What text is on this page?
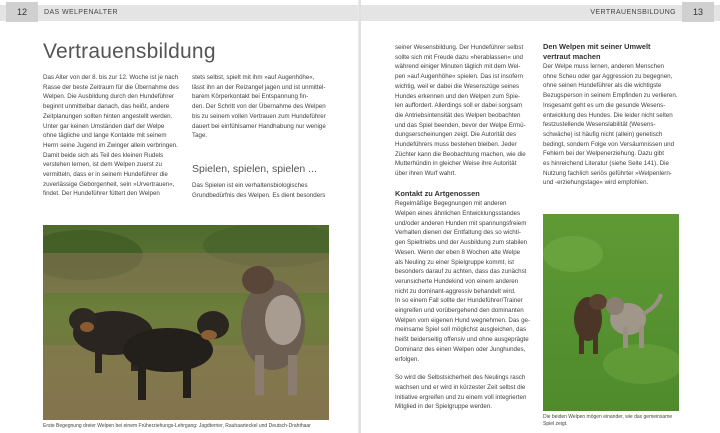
12	DAS WELPENALTER
Vertrauensbildung

Das Alter von der 8. bis zur 12. Woche ist je nach
Rasse der beste Zeitraum für die Übernahme des
Welpen. Die Ausbildung durch den Hundeführer
beginnt unmittelbar danach, das heißt, andere
Zeitplanungen sollten hinten angestellt werden.
Unter gar keinen Umständen darf der Welpe
ohne tägliche und lange Kontakte mit seinem
Herrn seine Jugend im Zwinger allein verbringen.
Damit beide sich als Teil des kleinen Rudels
verstehen lernen, ist dem Welpen zuerst zu
vermitteln, dass er in seinem Hundeführer die
zuverlässige Geborgenheit, sein »Urvertrauen«,
findet. Der Hundeführer füttert den Welpen

stets selbst, spielt mit ihm »auf Augenhöhe«,
lässt ihn an der Reizangel jagen und ist unmittel-
barem Körperkontakt bei Entspannung fin-
den. Der Schritt von der Übernahme des Welpen
bis zu seinem vollen Vertrauen zum Hundeführer
dauert bei einfühlsamer Handhabung nur wenige
Tage.

Spielen, spielen, spielen ...

Das Spielen ist ein verhaltensbiologisches
Grundbedürfnis des Welpen. Es dient besonders

Erste Begegnung dreier Welpen bei einem Früherziehungs-Lehrgang: Jagdterrier, Rauhaarteckel und Deutsch-Drahthaar
13
VERTRAUENSBILDUNG

seiner Wesensbildung. Der Hundeführer selbst
sollte sich mit Freude dazu »herablassen« und
während einiger Minuten täglich mit dem Wel-
pen »auf Augenhöhe« spielen. Das ist insofern
wichtig, weil er dabei die Wesenszüge seines
Hundes erkennen und den Welpen zum Spie-
len auffordert. Allerdings soll er dabei sorgsam
die Antriebsintensität des Welpen beobachten
und das Spiel beenden, bevor der Welpe Ermü-
dungserscheinungen zeigt. Die Autorität des
Hundeführers muss bestehen bleiben. Jeder
Züchter kann die Beobachtung machen, wie die
Mutterhündin in gleicher Weise ihre Autorität
über ihren Wurf wahrt.

Kontakt zu Artgenossen

Regelmäßige Begegnungen mit anderen
Welpen eines ähnlichen Entwicklungsstandes
und/oder anderen Hunden mit spannungsfreiem
Verhalten dienen der Entfaltung des so wichti-
gen Spieltriebs und der Ausbildung zum stabilen
Wesen. Wenn der eben 8 Wochen alte Welpe
als Neuling zu einer Spielgruppe kommt, ist
besonders darauf zu achten, dass das zunächst
verunsicherte Hundekind von einem anderen
nicht zu dominant-aggressiv behandelt wird.
In so einem Fall sollte der Hundeführer/Trainer
eingreifen und vorübergehend den dominanten
Welpen vom eigenen Hund wegnehmen. Das ge-
meinsame Spiel soll möglichst ausgleichen, das
heißt beiderseitig offensiv und ohne ausgeprägte
Dominanz des einen Welpen oder Junghundes,
erfolgen.

So wird die Selbstsicherheit des Neulings rasch
wachsen und er wird in kürzester Zeit selbst die
Initiative ergreifen und zu einem voll integrierten
Mitglied in der Spielgruppe werden.

Den Welpen mit seiner Umwelt
vertraut machen

Der Welpe muss lernen, anderen Menschen
ohne Scheu oder gar Aggression zu begegnen,
ohne seinen Hundeführer als die wichtigste
Bezugsperson in seinem Empfinden zu verlieren.
Insgesamt geht es um die gesunde Wesens-
entwicklung des Hundes. Die leider nicht selten
festzustellende Wesenslabilität (Wesens-
schwäche) ist häufig nicht (allein) genetisch
bedingt, sondern Folge von Versäumnissen und
Fehlern bei der Welpenerziehung. Dazu gibt
es hinreichend Literatur (siehe Seite 141). Die
Nutzung fachlich seriös geführter »Welpenlern-
und -erziehungstage« wird empfohlen.

Die beiden Welpen mögen einander, wie das gemeinsame
Spiel zeigt.
